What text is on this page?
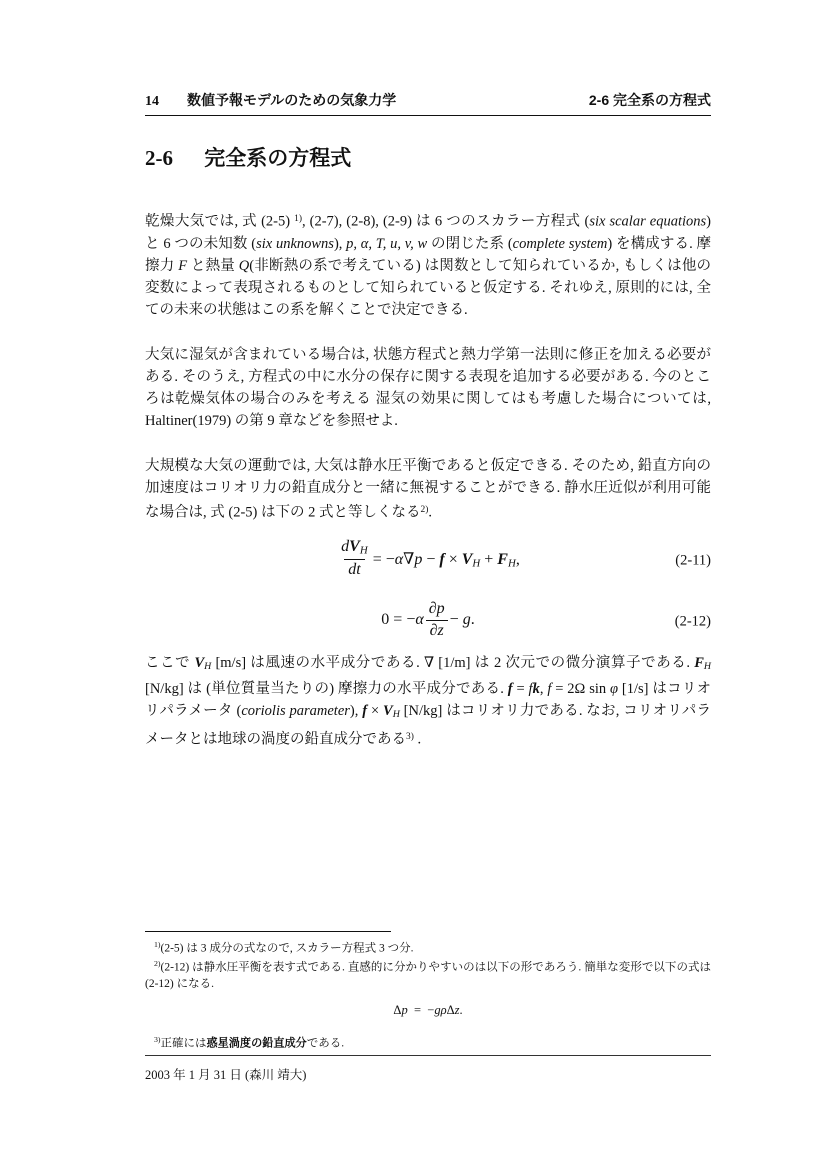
14 数値予報モデルのための気象力学	2-6 完全系の方程式
2-6 完全系の方程式

乾燥大気では, 式 (2-5) $^{1)}$, (2-7), (2-8), (2-9) は 6 つのスカラー方程式 (six scalar equations) と 6 つの未知数 (six unknowns), p, α, T, u, v, w の閉じた系 (complete system) を構成する. 摩擦力 F と熱量 Q(非断熱の系で考えている) は関数として知られているか, もしくは他の変数によって表現されるものとして知られていると仮定する. それゆえ, 原則的には, 全ての未来の状態はこの系を解くことで決定できる.

大気に湿気が含まれている場合は, 状態方程式と熱力学第一法則に修正を加える必要がある. そのうえ, 方程式の中に水分の保存に関する表現を追加する必要がある. 今のところは乾燥気体の場合のみを考える 湿気の効果に関してはも考慮した場合については, Haltiner(1979) の第 9 章などを参照せよ.

大規模な大気の運動では, 大気は静水圧平衡であると仮定できる. そのため, 鉛直方向の加速度はコリオリ力の鉛直成分と一緒に無視することができる. 静水圧近似が利用可能な場合は, 式 (2-5) は下の 2 式と等しくなる$^{2)}$.

$\frac{\text{dVH}}{dt} = -\alpha\nabla p - f$ × VH + FH,	(2-11)
$0 = -\alpha \frac{\partial p}{\partial z} - g$.	(2-12)

ここで VH [m/s] は風速の水平成分である. ∇ [1/m] は 2 次元での微分演算子である. FH [N/kg] は (単位質量当たりの) 摩擦力の水平成分である. f = fk, f = 2Ω sin φ [1/s] はコリオリパラメータ (coriolis parameter), f × VH [N/kg] はコリオリ力である. なお, コリオリパラメータとは地球の渦度の鉛直成分である$^{3)}$ .

$^{1)}$(2-5) は 3 成分の式なので, スカラー方程式 3 つ分.
$^{2)}$(2-12) は静水圧平衡を表す式である. 直感的に分かりやすいのは以下の形であろう. 簡単な変形で以下の式は (2-12) になる.
Δp = −gρΔz.
$^{3)}$正確には惑星渦度の鉛直成分である.
2003 年 1 月 31 日 (森川 靖大)
